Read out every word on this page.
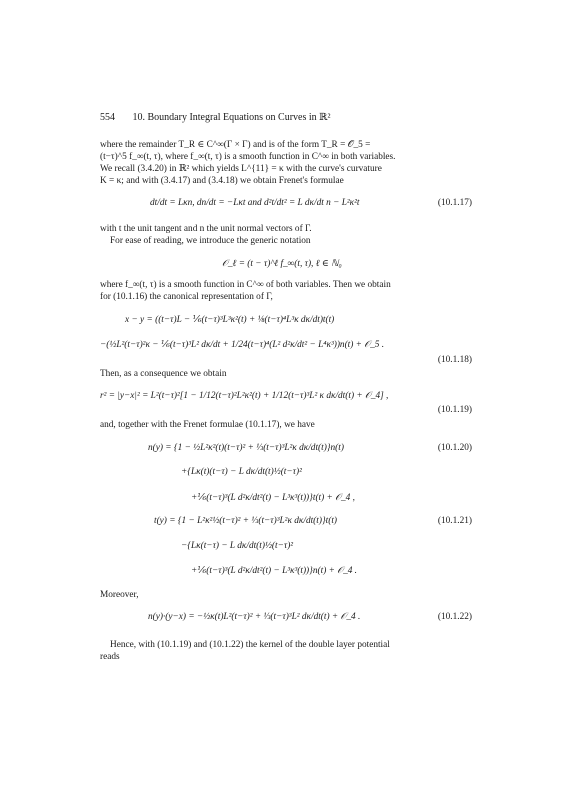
554 10. Boundary Integral Equations on Curves in ℝ²
where the remainder T_R ∈ C^∞(Γ × Γ) and is of the form T_R = 𝒪_5 =
(t−τ)^5 f_∞(t, τ), where f_∞(t, τ) is a smooth function in C^∞ in both variables.
We recall (3.4.20) in ℝ² which yields L^{11} = κ with the curve's curvature
K = κ; and with (3.4.17) and (3.4.18) we obtain Frenet's formulae
dt/dt = Lκn, dn/dt = −Lκt and d²t/dt² = L dκ/dt n − L²κ²t	(10.1.17)
with t the unit tangent and n the unit normal vectors of Γ.
For ease of reading, we introduce the generic notation
𝒪_ℓ = (t − τ)^ℓ f_∞(t, τ), ℓ ∈ ℕ₀
where f_∞(t, τ) is a smooth function in C^∞ of both variables. Then we obtain
for (10.1.16) the canonical representation of Γ,
x − y = ((t−τ)L − ⅙(t−τ)³L³κ²(t) + ⅛(t−τ)⁴L³κ dκ/dt)t(t)
−(½L²(t−τ)²κ − ⅙(t−τ)³L² dκ/dt + 1/24(t−τ)⁴(L² d²κ/dt² − L⁴κ³))n(t) + 𝒪_5 .
(10.1.18)
Then, as a consequence we obtain
r² = |y−x|² = L²(t−τ)²[1 − 1/12(t−τ)²L²κ²(t) + 1/12(t−τ)³L² κ dκ/dt(t) + 𝒪_4] ,
(10.1.19)
and, together with the Frenet formulae (10.1.17), we have
n(y) = {1 − ½L²κ²(t)(t−τ)² + ⅓(t−τ)³L²κ dκ/dt(t)}n(t)	(10.1.20)
+{Lκ(t)(t−τ) − L dκ/dt(t)½(t−τ)²
+⅙(t−τ)³(L d²κ/dt²(t) − L³κ³(t))}t(t) + 𝒪_4 ,
t(y) = {1 − L²κ²½(t−τ)² + ⅓(t−τ)³L²κ dκ/dt(t)}t(t)	(10.1.21)
−{Lκ(t−τ) − L dκ/dt(t)½(t−τ)²
+⅙(t−τ)³(L d²κ/dt²(t) − L³κ³(t))}n(t) + 𝒪_4 .
Moreover,
n(y)·(y−x) = −½κ(t)L²(t−τ)² + ⅓(t−τ)³L² dκ/dt(t) + 𝒪_4 .	(10.1.22)
Hence, with (10.1.19) and (10.1.22) the kernel of the double layer potential
reads
